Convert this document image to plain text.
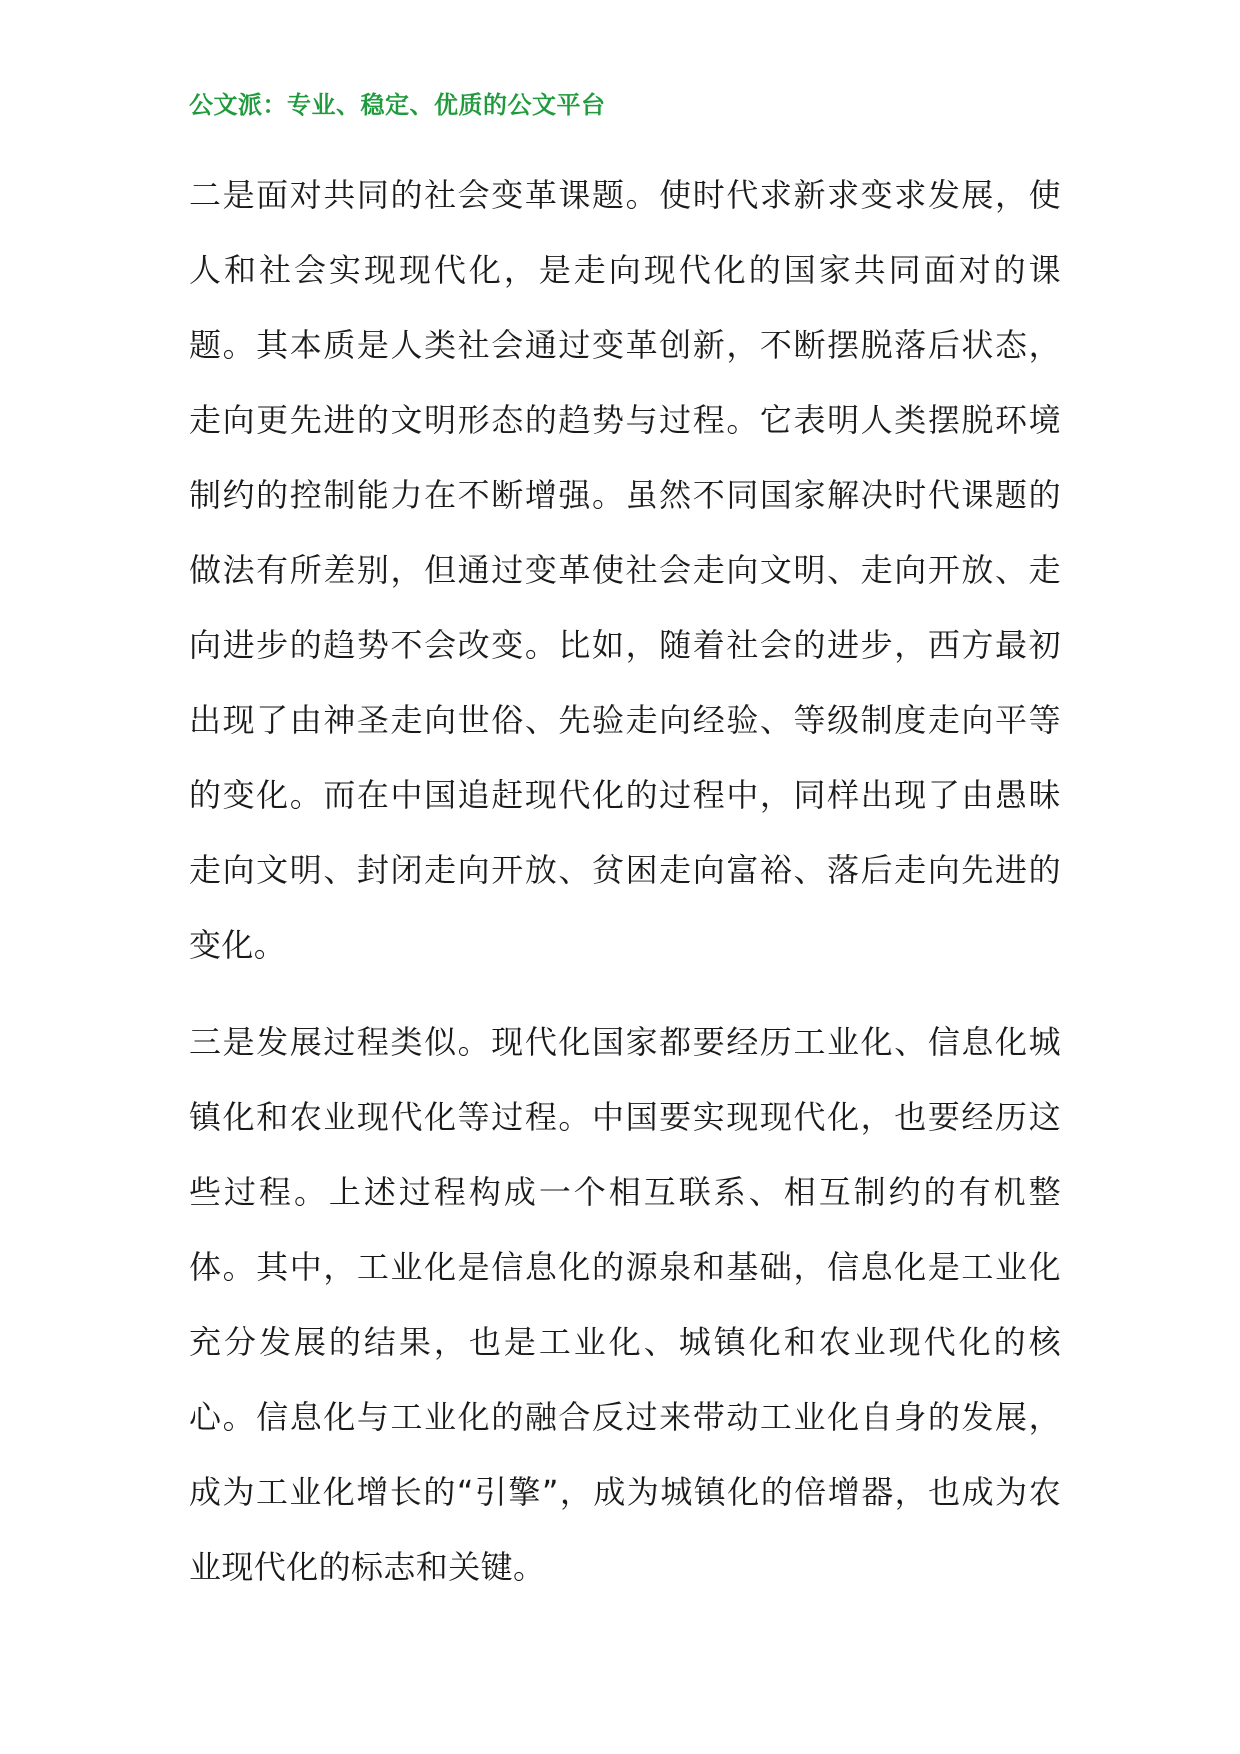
公文派：专业、稳定、优质的公文平台

二是面对共同的社会变革课题。使时代求新求变求发展，使人和社会实现现代化，是走向现代化的国家共同面对的课题。其本质是人类社会通过变革创新，不断摆脱落后状态，走向更先进的文明形态的趋势与过程。它表明人类摆脱环境制约的控制能力在不断增强。虽然不同国家解决时代课题的做法有所差别，但通过变革使社会走向文明、走向开放、走向进步的趋势不会改变。比如，随着社会的进步，西方最初出现了由神圣走向世俗、先验走向经验、等级制度走向平等的变化。而在中国追赶现代化的过程中，同样出现了由愚昧走向文明、封闭走向开放、贫困走向富裕、落后走向先进的变化。

三是发展过程类似。现代化国家都要经历工业化、信息化城镇化和农业现代化等过程。中国要实现现代化，也要经历这些过程。上述过程构成一个相互联系、相互制约的有机整体。其中，工业化是信息化的源泉和基础，信息化是工业化充分发展的结果，也是工业化、城镇化和农业现代化的核心。信息化与工业化的融合反过来带动工业化自身的发展，成为工业化增长的“引擎”，成为城镇化的倍增器，也成为农业现代化的标志和关键。
